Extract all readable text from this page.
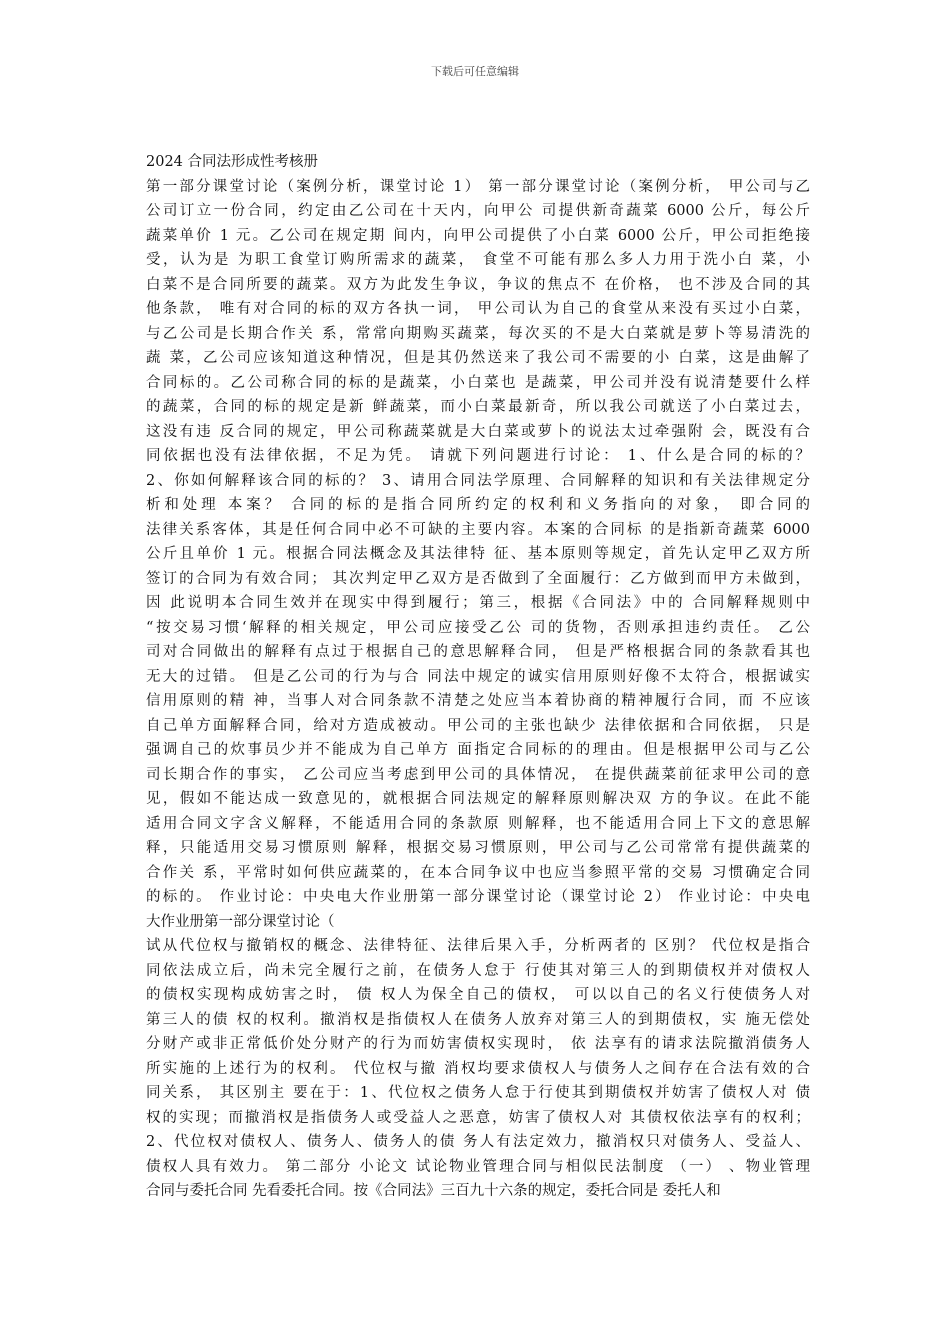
下载后可任意编辑

2024 合同法形成性考核册

第一部分课堂讨论（案例分析，课堂讨论 1） 第一部分课堂讨论（案例分析， 甲公司与乙
公司订立一份合同，约定由乙公司在十天内，向甲公 司提供新奇蔬菜 6000 公斤，每公斤
蔬菜单价 1 元。乙公司在规定期 间内，向甲公司提供了小白菜 6000 公斤，甲公司拒绝接
受，认为是 为职工食堂订购所需求的蔬菜， 食堂不可能有那么多人力用于洗小白 菜，小
白菜不是合同所要的蔬菜。双方为此发生争议，争议的焦点不 在价格， 也不涉及合同的其
他条款， 唯有对合同的标的双方各执一词， 甲公司认为自己的食堂从来没有买过小白菜，
与乙公司是长期合作关 系，常常向期购买蔬菜，每次买的不是大白菜就是萝卜等易清洗的
蔬 菜，乙公司应该知道这种情况，但是其仍然送来了我公司不需要的小 白菜，这是曲解了
合同标的。乙公司称合同的标的是蔬菜，小白菜也 是蔬菜，甲公司并没有说清楚要什么样
的蔬菜，合同的标的规定是新 鲜蔬菜，而小白菜最新奇，所以我公司就送了小白菜过去，
这没有违 反合同的规定，甲公司称蔬菜就是大白菜或萝卜的说法太过牵强附 会，既没有合
同依据也没有法律依据，不足为凭。 请就下列问题进行讨论： 1、什么是合同的标的？
2、你如何解释该合同的标的？ 3、请用合同法学原理、合同解释的知识和有关法律规定分
析和处理 本案？ 合同的标的是指合同所约定的权利和义务指向的对象， 即合同的
法律关系客体，其是任何合同中必不可缺的主要内容。本案的合同标 的是指新奇蔬菜 6000
公斤且单价 1 元。根据合同法概念及其法律特 征、基本原则等规定，首先认定甲乙双方所
签订的合同为有效合同； 其次判定甲乙双方是否做到了全面履行：乙方做到而甲方未做到，
因 此说明本合同生效并在现实中得到履行；第三，根据《合同法》中的 合同解释规则中
“按交易习惯‘解释的相关规定，甲公司应接受乙公 司的货物，否则承担违约责任。 乙公
司对合同做出的解释有点过于根据自己的意思解释合同， 但是严格根据合同的条款看其也
无大的过错。 但是乙公司的行为与合 同法中规定的诚实信用原则好像不太符合，根据诚实
信用原则的精 神，当事人对合同条款不清楚之处应当本着协商的精神履行合同，而 不应该
自己单方面解释合同，给对方造成被动。甲公司的主张也缺少 法律依据和合同依据， 只是
强调自己的炊事员少并不能成为自己单方 面指定合同标的的理由。但是根据甲公司与乙公
司长期合作的事实， 乙公司应当考虑到甲公司的具体情况， 在提供蔬菜前征求甲公司的意
见，假如不能达成一致意见的，就根据合同法规定的解释原则解决双 方的争议。在此不能
适用合同文字含义解释，不能适用合同的条款原 则解释，也不能适用合同上下文的意思解
释，只能适用交易习惯原则 解释，根据交易习惯原则，甲公司与乙公司常常有提供蔬菜的
合作关 系，平常时如何供应蔬菜的，在本合同争议中也应当参照平常的交易 习惯确定合同
的标的。 作业讨论：中央电大作业册第一部分课堂讨论（课堂讨论 2） 作业讨论：中央电
大作业册第一部分课堂讨论（
试从代位权与撤销权的概念、法律特征、法律后果入手，分析两者的 区别？ 代位权是指合
同依法成立后，尚未完全履行之前，在债务人怠于 行使其对第三人的到期债权并对债权人
的债权实现构成妨害之时， 债 权人为保全自己的债权， 可以以自己的名义行使债务人对
第三人的债 权的权利。撤消权是指债权人在债务人放弃对第三人的到期债权，实 施无偿处
分财产或非正常低价处分财产的行为而妨害债权实现时， 依 法享有的请求法院撤消债务人
所实施的上述行为的权利。 代位权与撤 消权均要求债权人与债务人之间存在合法有效的合
同关系， 其区别主 要在于：1、代位权之债务人怠于行使其到期债权并妨害了债权人对 债
权的实现；而撤消权是指债务人或受益人之恶意，妨害了债权人对 其债权依法享有的权利；
2、代位权对债权人、债务人、债务人的债 务人有法定效力，撤消权只对债务人、受益人、
债权人具有效力。 第二部分 小论文 试论物业管理合同与相似民法制度 （一） 、物业管理
合同与委托合同 先看委托合同。按《合同法》三百九十六条的规定，委托合同是 委托人和
